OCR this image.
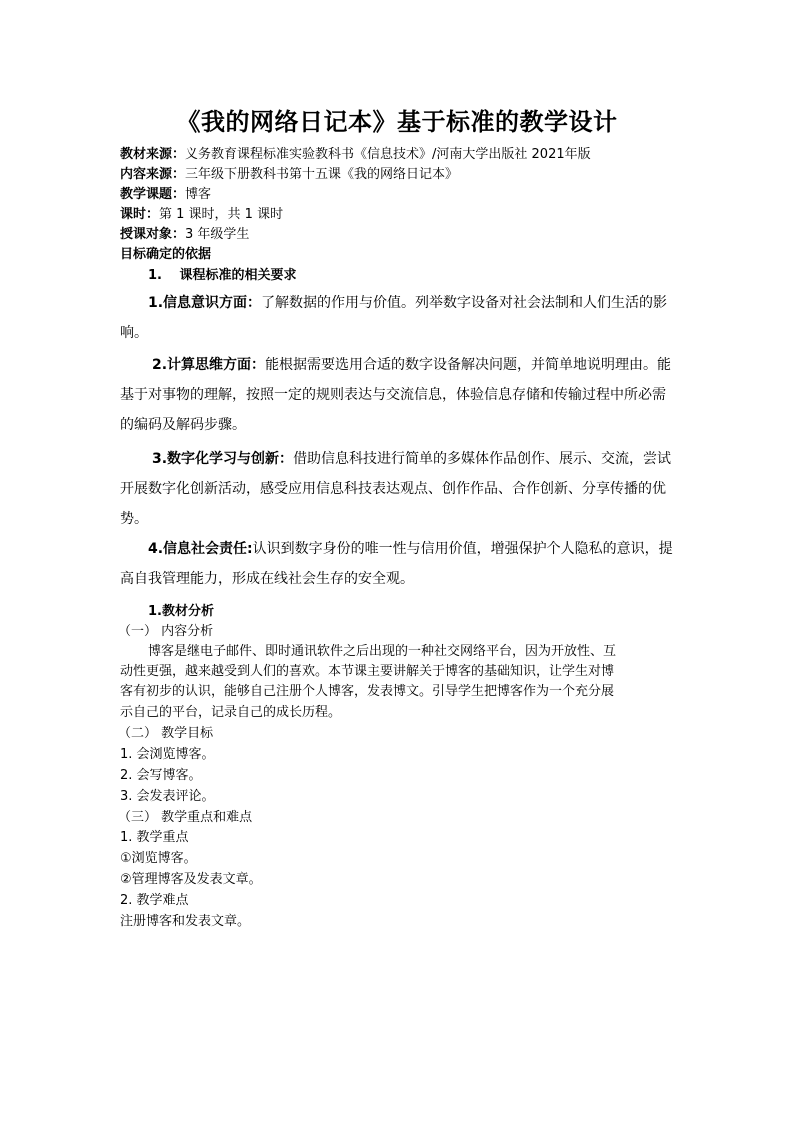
《我的网络日记本》基于标准的教学设计
教材来源：义务教育课程标准实验教科书《信息技术》/河南大学出版社 2021年版
内容来源：三年级下册教科书第十五课《我的网络日记本》
教学课题：博客
课时：第 1 课时，共 1 课时
授课对象：3 年级学生
目标确定的依据
1.　 课程标准的相关要求
1.信息意识方面：了解数据的作用与价值。列举数字设备对社会法制和人们生活的影
响。
2.计算思维方面：能根据需要选用合适的数字设备解决问题，并简单地说明理由。能
基于对事物的理解，按照一定的规则表达与交流信息，体验信息存储和传输过程中所必需
的编码及解码步骤。
3.数字化学习与创新：借助信息科技进行简单的多媒体作品创作、展示、交流，尝试
开展数字化创新活动，感受应用信息科技表达观点、创作作品、合作创新、分享传播的优
势。
4.信息社会责任:认识到数字身份的唯一性与信用价值，增强保护个人隐私的意识，提
高自我管理能力，形成在线社会生存的安全观。
1.教材分析
（一） 内容分析
博客是继电子邮件、即时通讯软件之后出现的一种社交网络平台，因为开放性、互
动性更强，越来越受到人们的喜欢。本节课主要讲解关于博客的基础知识，让学生对博
客有初步的认识，能够自己注册个人博客，发表博文。引导学生把博客作为一个充分展
示自己的平台，记录自己的成长历程。
（二） 教学目标
1. 会浏览博客。
2. 会写博客。
3. 会发表评论。
（三） 教学重点和难点
1. 教学重点
①浏览博客。
②管理博客及发表文章。
2. 教学难点
注册博客和发表文章。
